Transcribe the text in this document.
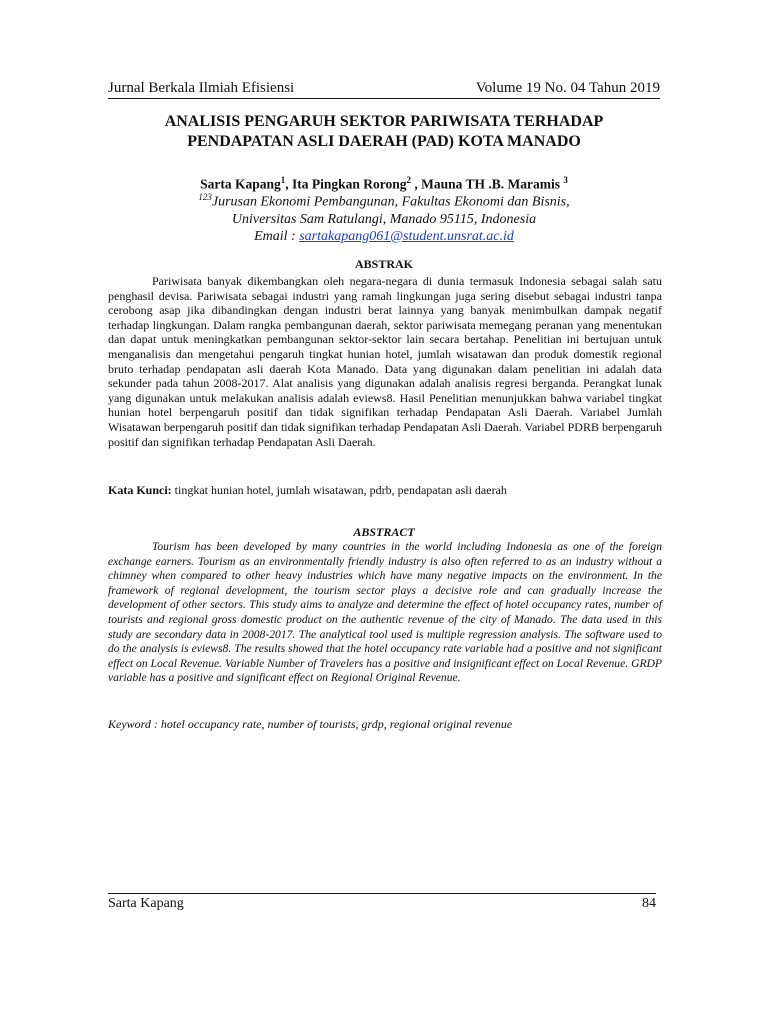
Jurnal Berkala Ilmiah Efisiensi	Volume 19 No. 04 Tahun 2019
ANALISIS PENGARUH SEKTOR PARIWISATA TERHADAP
PENDAPATAN ASLI DAERAH (PAD) KOTA MANADO
Sarta Kapang$^1$, Ita Pingkan Rorong$^2$ , Mauna TH .B. Maramis $^3$
$^{123}$Jurusan Ekonomi Pembangunan, Fakultas Ekonomi dan Bisnis,
Universitas Sam Ratulangi, Manado 95115, Indonesia
Email : sartakapang061@student.unsrat.ac.id
ABSTRAK

Pariwisata banyak dikembangkan oleh negara-negara di dunia termasuk Indonesia sebagai salah satu penghasil devisa. Pariwisata sebagai industri yang ramah lingkungan juga sering disebut sebagai industri tanpa cerobong asap jika dibandingkan dengan industri berat lainnya yang banyak menimbulkan dampak negatif terhadap lingkungan. Dalam rangka pembangunan daerah, sektor pariwisata memegang peranan yang menentukan dan dapat untuk meningkatkan pembangunan sektor-sektor lain secara bertahap. Penelitian ini bertujuan untuk menganalisis dan mengetahui pengaruh tingkat hunian hotel, jumlah wisatawan dan produk domestik regional bruto terhadap pendapatan asli daerah Kota Manado. Data yang digunakan dalam penelitian ini adalah data sekunder pada tahun 2008-2017. Alat analisis yang digunakan adalah analisis regresi berganda. Perangkat lunak yang digunakan untuk melakukan analisis adalah eviews8. Hasil Penelitian menunjukkan bahwa variabel tingkat hunian hotel berpengaruh positif dan tidak signifikan terhadap Pendapatan Asli Daerah. Variabel Jumlah Wisatawan berpengaruh positif dan tidak signifikan terhadap Pendapatan Asli Daerah. Variabel PDRB berpengaruh positif dan signifikan terhadap Pendapatan Asli Daerah.

Kata Kunci: tingkat hunian hotel, jumlah wisatawan, pdrb, pendapatan asli daerah
ABSTRACT

Tourism has been developed by many countries in the world including Indonesia as one of the foreign exchange earners. Tourism as an environmentally friendly industry is also often referred to as an industry without a chimney when compared to other heavy industries which have many negative impacts on the environment. In the framework of regional development, the tourism sector plays a decisive role and can gradually increase the development of other sectors. This study aims to analyze and determine the effect of hotel occupancy rates, number of tourists and regional gross domestic product on the authentic revenue of the city of Manado. The data used in this study are secondary data in 2008-2017. The analytical tool used is multiple regression analysis. The software used to do the analysis is eviews8. The results showed that the hotel occupancy rate variable had a positive and not significant effect on Local Revenue. Variable Number of Travelers has a positive and insignificant effect on Local Revenue. GRDP variable has a positive and significant effect on Regional Original Revenue.

Keyword : hotel occupancy rate, number of tourists, grdp, regional original revenue
Sarta Kapang	84
